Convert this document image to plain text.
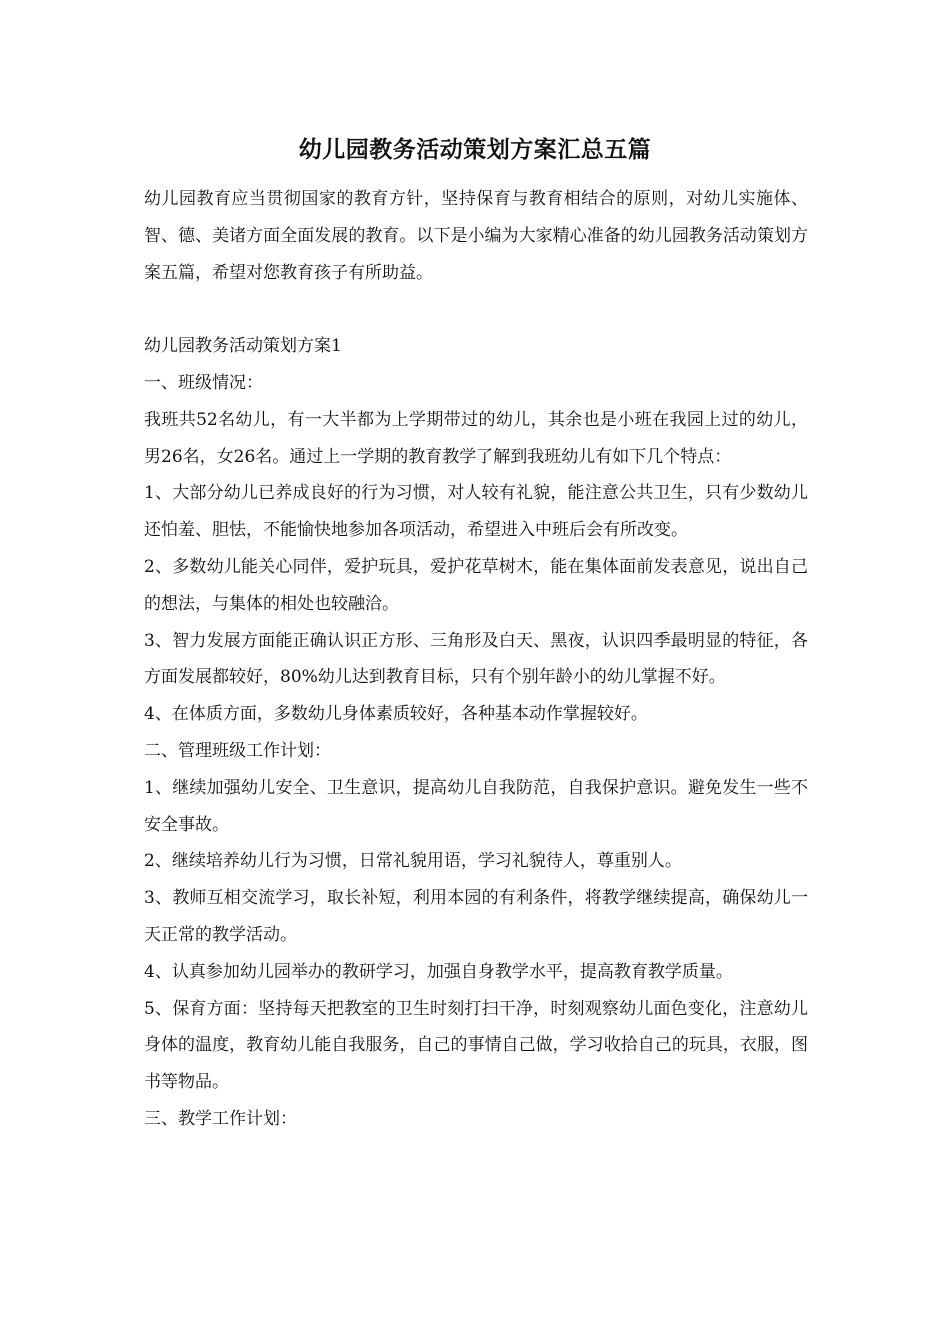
幼儿园教务活动策划方案汇总五篇

幼儿园教育应当贯彻国家的教育方针，坚持保育与教育相结合的原则，对幼儿实施体、智、德、美诸方面全面发展的教育。以下是小编为大家精心准备的幼儿园教务活动策划方案五篇，希望对您教育孩子有所助益。

幼儿园教务活动策划方案1

一、班级情况：

我班共52名幼儿，有一大半都为上学期带过的幼儿，其余也是小班在我园上过的幼儿，男26名，女26名。通过上一学期的教育教学了解到我班幼儿有如下几个特点：

1、大部分幼儿已养成良好的行为习惯，对人较有礼貌，能注意公共卫生，只有少数幼儿还怕羞、胆怯，不能愉快地参加各项活动，希望进入中班后会有所改变。

2、多数幼儿能关心同伴，爱护玩具，爱护花草树木，能在集体面前发表意见，说出自己的想法，与集体的相处也较融洽。

3、智力发展方面能正确认识正方形、三角形及白天、黑夜，认识四季最明显的特征，各方面发展都较好，80%幼儿达到教育目标，只有个别年龄小的幼儿掌握不好。

4、在体质方面，多数幼儿身体素质较好，各种基本动作掌握较好。

二、管理班级工作计划：

1、继续加强幼儿安全、卫生意识，提高幼儿自我防范，自我保护意识。避免发生一些不安全事故。

2、继续培养幼儿行为习惯，日常礼貌用语，学习礼貌待人，尊重别人。

3、教师互相交流学习，取长补短，利用本园的有利条件，将教学继续提高，确保幼儿一天正常的教学活动。

4、认真参加幼儿园举办的教研学习，加强自身教学水平，提高教育教学质量。

5、保育方面：坚持每天把教室的卫生时刻打扫干净，时刻观察幼儿面色变化，注意幼儿身体的温度，教育幼儿能自我服务，自己的事情自己做，学习收拾自己的玩具，衣服，图书等物品。

三、教学工作计划：
